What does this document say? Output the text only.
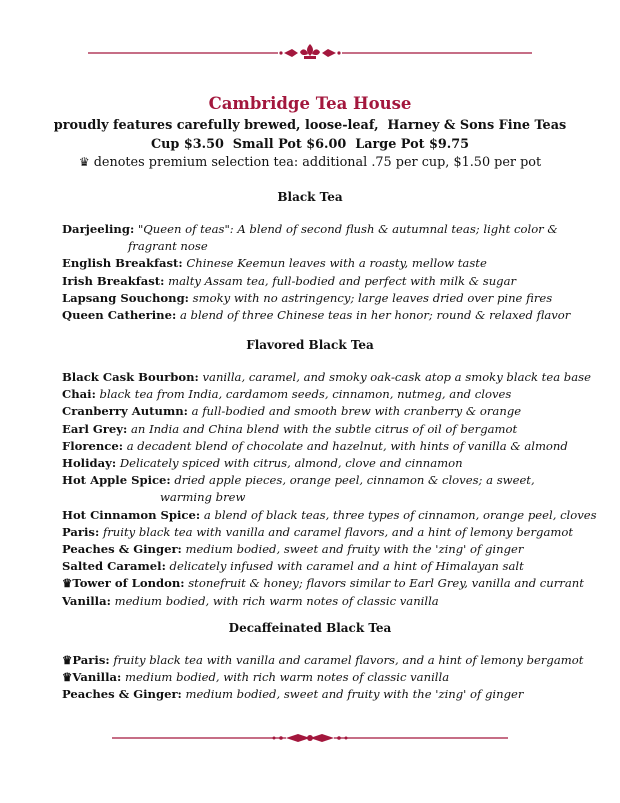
Cambridge Tea House
proudly features carefully brewed, loose-leaf,  Harney & Sons Fine Teas
Cup $3.50  Small Pot $6.00  Large Pot $9.75
♛ denotes premium selection tea: additional .75 per cup, $1.50 per pot
Black Tea
Darjeeling: "Queen of teas": A blend of second flush & autumnal teas; light color &
fragrant nose
English Breakfast: Chinese Keemun leaves with a roasty, mellow taste
Irish Breakfast: malty Assam tea, full-bodied and perfect with milk & sugar
Lapsang Souchong: smoky with no astringency; large leaves dried over pine fires
Queen Catherine: a blend of three Chinese teas in her honor; round & relaxed flavor
Flavored Black Tea
Black Cask Bourbon: vanilla, caramel, and smoky oak-cask atop a smoky black tea base
Chai: black tea from India, cardamom seeds, cinnamon, nutmeg, and cloves
Cranberry Autumn: a full-bodied and smooth brew with cranberry & orange
Earl Grey: an India and China blend with the subtle citrus of oil of bergamot
Florence: a decadent blend of chocolate and hazelnut, with hints of vanilla & almond
Holiday: Delicately spiced with citrus, almond, clove and cinnamon
Hot Apple Spice: dried apple pieces, orange peel, cinnamon & cloves; a sweet,
warming brew
Hot Cinnamon Spice: a blend of black teas, three types of cinnamon, orange peel, cloves
Paris: fruity black tea with vanilla and caramel flavors, and a hint of lemony bergamot
Peaches & Ginger: medium bodied, sweet and fruity with the 'zing' of ginger
Salted Caramel: delicately infused with caramel and a hint of Himalayan salt
♛Tower of London: stonefruit & honey; flavors similar to Earl Grey, vanilla and currant
Vanilla: medium bodied, with rich warm notes of classic vanilla
Decaffeinated Black Tea
♛Paris: fruity black tea with vanilla and caramel flavors, and a hint of lemony bergamot
♛Vanilla: medium bodied, with rich warm notes of classic vanilla
Peaches & Ginger: medium bodied, sweet and fruity with the 'zing' of ginger
